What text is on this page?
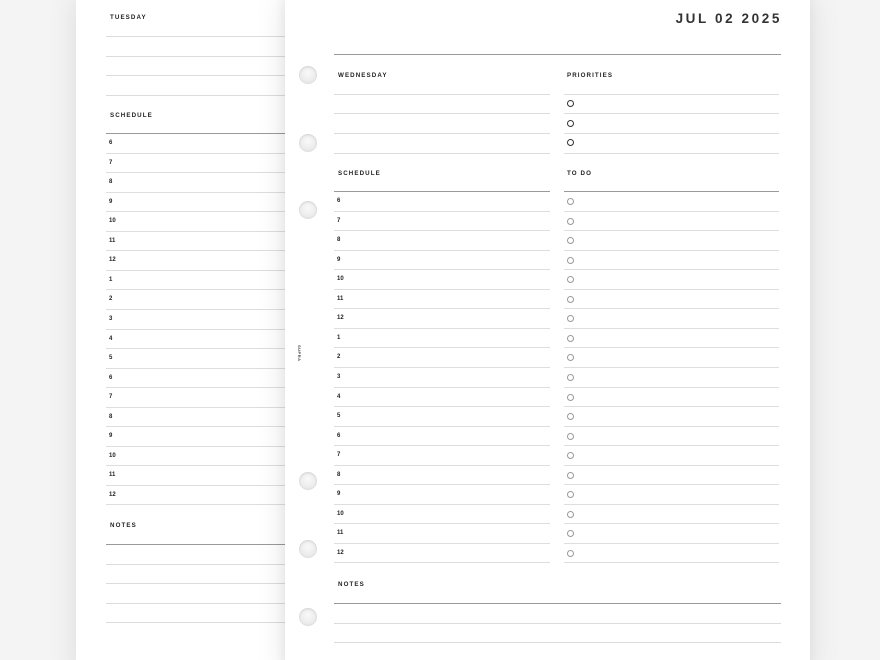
TUESDAY
SCHEDULE
6
7
8
9
10
11
12
1
2
3
4
5
6
7
8
9
10
11
12
NOTES
SUPRA
JUL 02 2025
WEDNESDAY	PRIORITIES
SCHEDULE
6
7
8
9
10
11
12
1
2
3
4
5
6
7
8
9
10
11
12
TO DO
NOTES
